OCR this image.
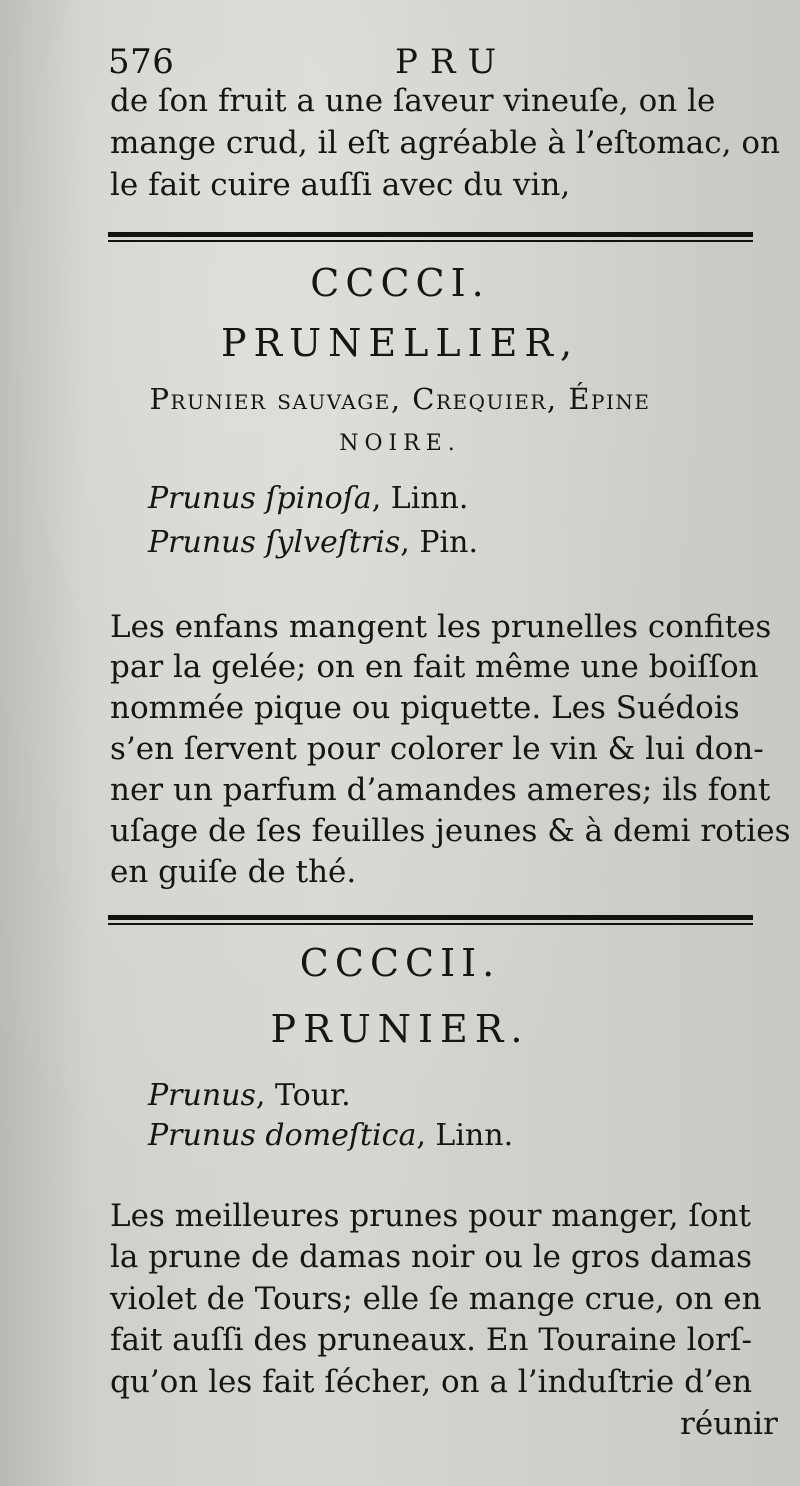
576	PRU
de ſon fruit a une ſaveur vineuſe, on le
mange crud, il eſt agréable à l’eſtomac, on
le fait cuire auſſi avec du vin,
CCCCI.
PRUNELLIER,
Prunier sauvage, Crequier, Épine
NOIRE.
Prunus ſpinoſa, Linn.
Prunus ſylveſtris, Pin.
Les enfans mangent les prunelles confites
par la gelée; on en fait même une boiſſon
nommée pique ou piquette. Les Suédois
s’en ſervent pour colorer le vin & lui don-
ner un parfum d’amandes ameres; ils font
uſage de ſes feuilles jeunes & à demi roties
en guiſe de thé.
CCCCII.
PRUNIER.
Prunus, Tour.
Prunus domeſtica, Linn.
Les meilleures prunes pour manger, ſont
la prune de damas noir ou le gros damas
violet de Tours; elle ſe mange crue, on en
fait auſſi des pruneaux. En Touraine lorſ-
qu’on les fait ſécher, on a l’induſtrie d’en
réunir
